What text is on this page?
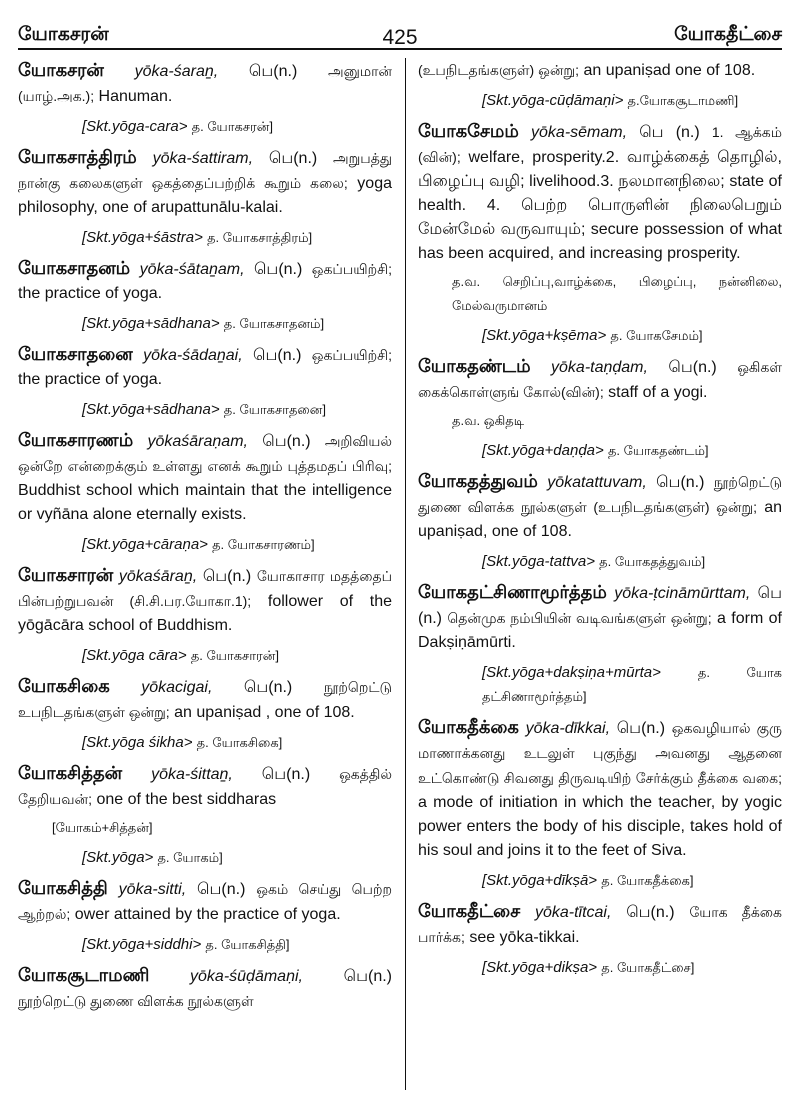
யோகசரன்	425	யோகதீட்சை
யோகசரன் yōka-śaraṉ, பெ(n.) அனுமான் (யாழ்.அக.); Hanuman.
[Skt.yōga-cara> த. யோகசரன்]
யோகசாத்திரம் yōka-śattiram, பெ(n.) அறுபத்து நான்கு கலைகளுள் ஒகத்தைப்பற்றிக் கூறும் கலை; yoga philosophy, one of arupattunālu-kalai.
[Skt.yōga+śāstra> த. யோகசாத்திரம்]
யோகசாதனம் yōka-śātaṉam, பெ(n.) ஒகப்பயிற்சி; the practice of yoga.
[Skt.yōga+sādhana> த. யோகசாதனம்]
யோகசாதனை yōka-śādaṉai, பெ(n.) ஒகப்பயிற்சி; the practice of yoga.
[Skt.yōga+sādhana> த. யோகசாதனை]
யோகசாரணம் yōkaśāraṇam, பெ(n.) அறிவியல் ஒன்றே என்றைக்கும் உள்ளது எனக் கூறும் புத்தமதப் பிரிவு; Buddhist school which maintain that the intelligence or vyñāna alone eternally exists.
[Skt.yōga+cāraṇa> த. யோகசாரணம்]
யோகசாரன் yōkaśāraṉ, பெ(n.) யோகாசார மதத்தைப் பின்பற்றுபவன் (சி.சி.பர.யோகா.1); follower of the yōgācāra school of Buddhism.
[Skt.yōga cāra> த. யோகசாரன்]
யோகசிகை yōkacigai, பெ(n.) நூற்றெட்டு உபநிடதங்களுள் ஒன்று; an upaniṣad , one of 108.
[Skt.yōga śikha> த. யோகசிகை]
யோகசித்தன் yōka-śittaṉ, பெ(n.) ஒகத்தில் தேறியவன்; one of the best siddharas
[யோகம்+சித்தன்]
[Skt.yōga> த. யோகம்]
யோகசித்தி yōka-sitti, பெ(n.) ஒகம் செய்து பெற்ற ஆற்றல்; ower attained by the practice of yoga.
[Skt.yōga+siddhi> த. யோகசித்தி]
யோகசூடாமணி	yōka-śūḍāmaṇi,	பெ(n.) நூற்றெட்டு துணை விளக்க நூல்களுள்
(உபநிடதங்களுள்) ஒன்று; an upaniṣad one of 108.
[Skt.yōga-cūḍāmaṇi> த.யோகசூடாமணி]
யோகசேமம் yōka-sēmam, பெ (n.) 1. ஆக்கம் (வின்); welfare, prosperity.2. வாழ்க்கைத் தொழில், பிழைப்பு வழி; livelihood.3. நலமானநிலை; state of health. 4. பெற்ற பொருளின் நிலைபெறும் மேன்மேல் வருவாயும்; secure possession of what has been acquired, and increasing prosperity.
த.வ. செறிப்பு,வாழ்க்கை, பிழைப்பு, நன்னிலை, மேல்வருமானம்
[Skt.yōga+kṣēma> த. யோகசேமம்]
யோகதண்டம் yōka-taṇḍam, பெ(n.) ஒகிகள் கைக்கொள்ளுங் கோல்(வின்); staff of a yogi.
த.வ. ஒகிதடி
[Skt.yōga+daṇḍa> த. யோகதண்டம்]
யோகதத்துவம் yōkatattuvam, பெ(n.) நூற்றெட்டு துணை விளக்க நூல்களுள் (உபநிடதங்களுள்) ஒன்று; an upaniṣad, one of 108.
[Skt.yōga-tattva> த. யோகதத்துவம்]
யோகதட்சிணாமூர்த்தம் yōka-ṭcināmūrttam, பெ (n.) தென்முக நம்பியின் வடிவங்களுள் ஒன்று; a form of Dakṣiṇāmūrti.
[Skt.yōga+dakṣiṇa+mūrta>	த. யோக தட்சிணாமூர்த்தம்]
யோகதீக்கை yōka-dīkkai, பெ(n.) ஒகவழியால் குரு மாணாக்கனது உடலுள் புகுந்து அவனது ஆதனை உட்கொண்டு சிவனது திருவடியிற் சேர்க்கும் தீக்கை வகை; a mode of initiation in which the teacher, by yogic power enters the body of his disciple, takes hold of his soul and joins it to the feet of Siva.
[Skt.yōga+dīkṣā> த. யோகதீக்கை]
யோகதீட்சை yōka-tītcai, பெ(n.) யோக தீக்கை பார்க்க; see yōka-tikkai.
[Skt.yōga+dikṣa> த. யோகதீட்சை]
